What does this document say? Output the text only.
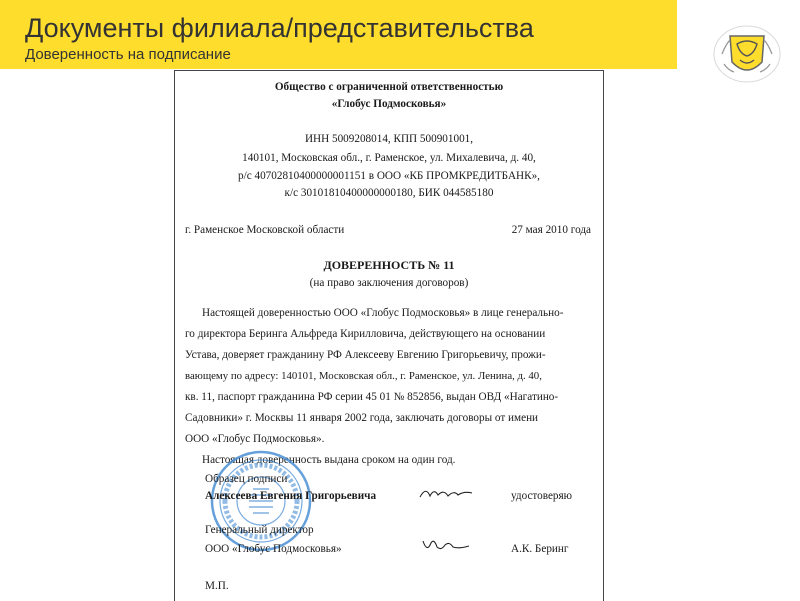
Документы филиала/представительства
Доверенность на подписание
Общество с ограниченной ответственностью
«Глобус Подмосковья»
ИНН 5009208014, КПП 500901001,
140101, Московская обл., г. Раменское, ул. Михалевича, д. 40,
р/с 40702810400000001151 в ООО «КБ ПРОМКРЕДИТБАНК»,
к/с 30101810400000000180, БИК 044585180
г. Раменское Московской области	27 мая 2010 года
ДОВЕРЕННОСТЬ № 11
(на право заключения договоров)
Настоящей доверенностью ООО «Глобус Подмосковья» в лице генерально-
го директора Беринга Альфреда Кирилловича, действующего на основании
Устава, доверяет гражданину РФ Алексееву Евгению Григорьевичу, прожи-
вающему по адресу: 140101, Московская обл., г. Раменское, ул. Ленина, д. 40,
кв. 11, паспорт гражданина РФ серии 45 01 № 852856, выдан ОВД «Нагатино-
Садовники» г. Москвы 11 января 2002 года, заключать договоры от имени
ООО «Глобус Подмосковья».
Настоящая доверенность выдана сроком на один год.
Образец подписи
Алексеева Евгения Григорьевича	удостоверяю
Генеральный директор
ООО «Глобус Подмосковья»	А.К. Беринг
М.П.
